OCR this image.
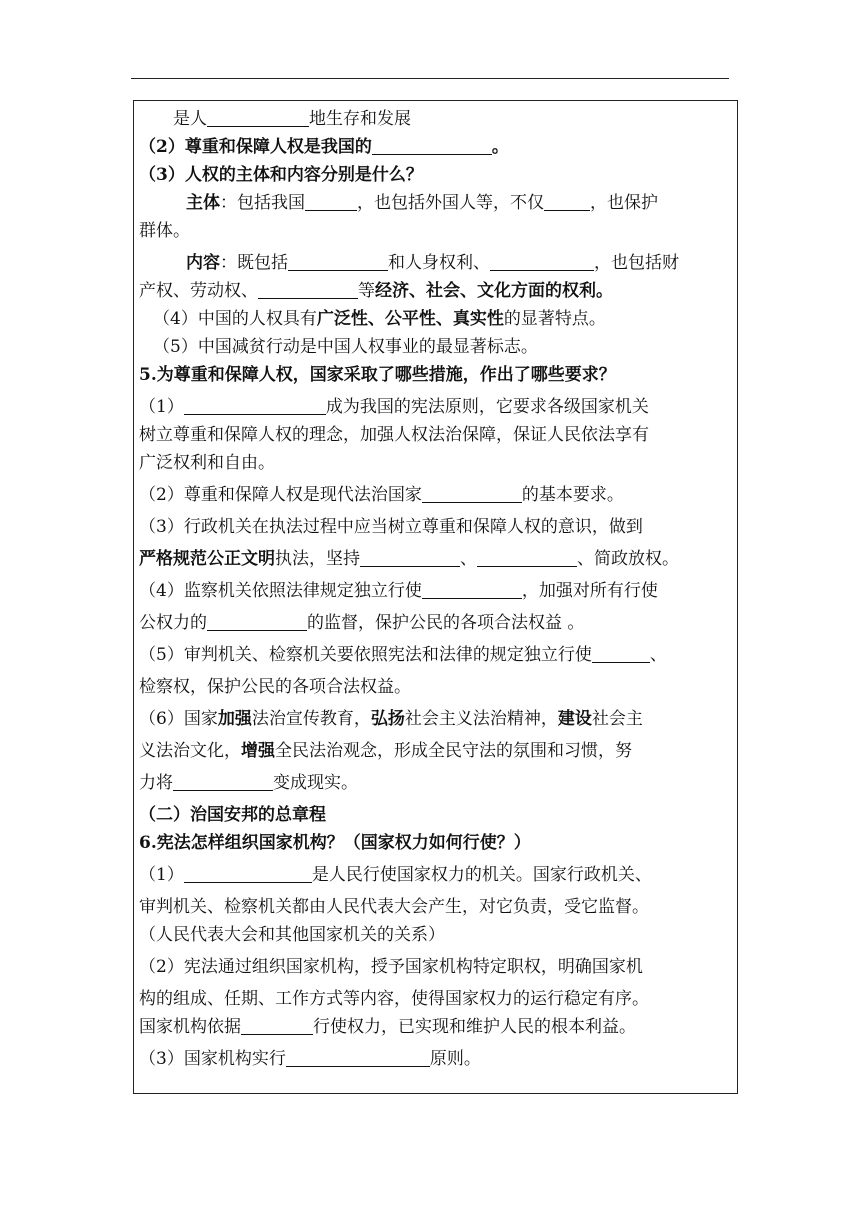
是人	地生存和发展
（2）尊重和保障人权是我国的	。
（3）人权的主体和内容分别是什么？
主体：包括我国	，也包括外国人等，不仅	，也保护
群体。
内容：既包括	和人身权利、	，也包括财
产权、劳动权、	等经济、社会、文化方面的权利。
（4）中国的人权具有广泛性、公平性、真实性的显著特点。
（5）中国减贫行动是中国人权事业的最显著标志。
5.为尊重和保障人权，国家采取了哪些措施，作出了哪些要求？
（1）	成为我国的宪法原则，它要求各级国家机关
树立尊重和保障人权的理念，加强人权法治保障，保证人民依法享有
广泛权利和自由。
（2）尊重和保障人权是现代法治国家	的基本要求。
（3）行政机关在执法过程中应当树立尊重和保障人权的意识，做到
严格规范公正文明执法，坚持	、	、简政放权。
（4）监察机关依照法律规定独立行使	，加强对所有行使
公权力的	的监督，保护公民的各项合法权益 。
（5）审判机关、检察机关要依照宪法和法律的规定独立行使	、
检察权，保护公民的各项合法权益。
（6）国家加强法治宣传教育，弘扬社会主义法治精神，建设社会主
义法治文化，增强全民法治观念，形成全民守法的氛围和习惯，努
力将	变成现实。
（二）治国安邦的总章程
6.宪法怎样组织国家机构？（国家权力如何行使？）
（1）	是人民行使国家权力的机关。国家行政机关、
审判机关、检察机关都由人民代表大会产生，对它负责，受它监督。
（人民代表大会和其他国家机关的关系）
（2）宪法通过组织国家机构，授予国家机构特定职权，明确国家机
构的组成、任期、工作方式等内容，使得国家权力的运行稳定有序。
国家机构依据	行使权力，已实现和维护人民的根本利益。
（3）国家机构实行	原则。
